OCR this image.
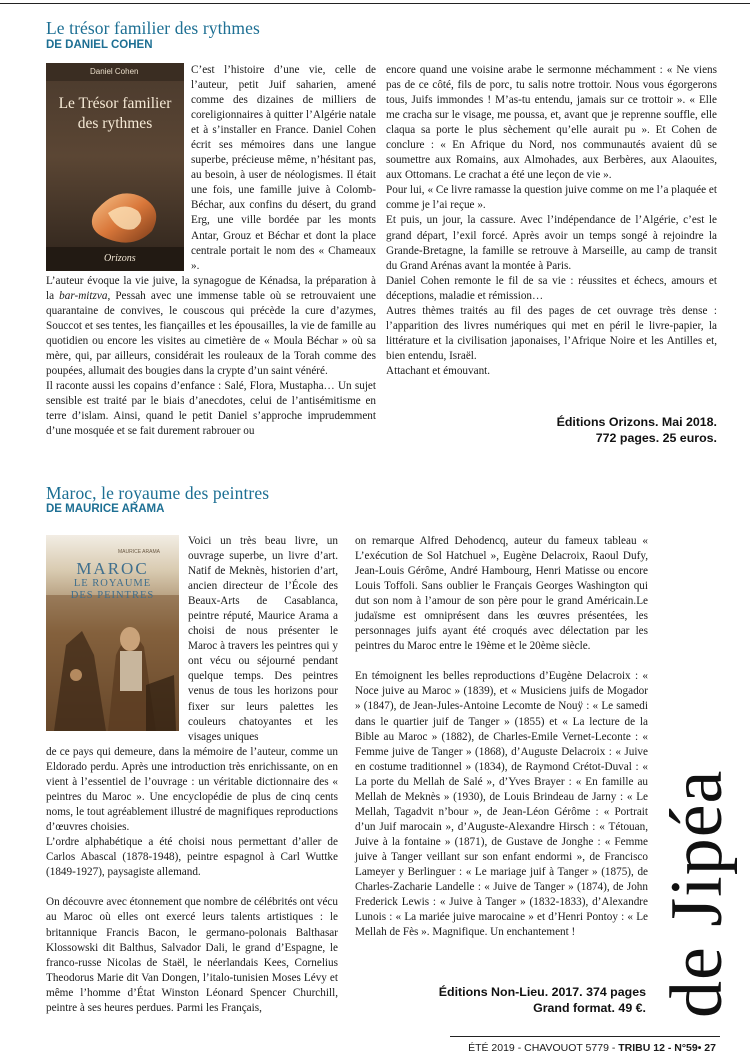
Le trésor familier des rythmes
DE DANIEL COHEN
Daniel Cohen
Le Trésor familier
des rythmes
Orizons

C’est l’histoire d’une vie, celle de l’auteur, petit Juif saharien, amené comme des dizaines de milliers de coreligionnaires à quitter l’Algérie natale et à s’installer en France. Daniel Cohen écrit ses mémoires dans une langue superbe, précieuse même, n’hésitant pas, au besoin, à user de néologismes. Il était une fois, une famille juive à Colomb-Béchar, aux confins du désert, du grand Erg, une ville bordée par les monts Antar, Grouz et Béchar et dont la place centrale portait le nom des « Chameaux ».

L’auteur évoque la vie juive, la synagogue de Kénadsa, la préparation à la bar-mitzva, Pessah avec une immense table où se retrouvaient une quarantaine de convives, le couscous qui précède la cure d’azymes, Souccot et ses tentes, les fiançailles et les épousailles, la vie de famille au quotidien ou encore les visites au cimetière de « Moula Béchar » où sa mère, qui, par ailleurs, considérait les rouleaux de la Torah comme des poupées, allumait des bougies dans la crypte d’un saint vénéré.

Il raconte aussi les copains d’enfance : Salé, Flora, Mustapha… Un sujet sensible est traité par le biais d’anecdotes, celui de l’antisémitisme en terre d’islam. Ainsi, quand le petit Daniel s’approche imprudemment d’une mosquée et se fait durement rabrouer ou

encore quand une voisine arabe le sermonne méchamment : « Ne viens pas de ce côté, fils de porc, tu salis notre trottoir. Nous vous égorgerons tous, Juifs immondes ! M’as-tu entendu, jamais sur ce trottoir ». « Elle me cracha sur le visage, me poussa, et, avant que je reprenne souffle, elle claqua sa porte le plus sèchement qu’elle aurait pu ». Et Cohen de conclure : « En Afrique du Nord, nos communautés avaient dû se soumettre aux Romains, aux Almohades, aux Berbères, aux Alaouites, aux Ottomans. Le crachat a été une leçon de vie ».

Pour lui, « Ce livre ramasse la question juive comme on me l’a plaquée et comme je l’ai reçue ».

Et puis, un jour, la cassure. Avec l’indépendance de l’Algérie, c’est le grand départ, l’exil forcé. Après avoir un temps songé à rejoindre la Grande-Bretagne, la famille se retrouve à Marseille, au camp de transit du Grand Arénas avant la montée à Paris.

Daniel Cohen remonte le fil de sa vie : réussites et échecs, amours et déceptions, maladie et rémission…

Autres thèmes traités au fil des pages de cet ouvrage très dense : l’apparition des livres numériques qui met en péril le livre-papier, la littérature et la civilisation japonaises, l’Afrique Noire et les Antilles et, bien entendu, Israël.

Attachant et émouvant.

Éditions Orizons. Mai 2018.
772 pages. 25 euros.
Maroc, le royaume des peintres
DE MAURICE ARAMA
MAURICE ARAMA
MAROC
LE ROYAUME
DES PEINTRES

Voici un très beau livre, un ouvrage superbe, un livre d’art. Natif de Meknès, historien d’art, ancien directeur de l’École des Beaux-Arts de Casablanca, peintre réputé, Maurice Arama a choisi de nous présenter le Maroc à travers les peintres qui y ont vécu ou séjourné pendant quelque temps. Des peintres venus de tous les horizons pour fixer sur leurs palettes les couleurs chatoyantes et les visages uniques

de ce pays qui demeure, dans la mémoire de l’auteur, comme un Eldorado perdu. Après une introduction très enrichissante, on en vient à l’essentiel de l’ouvrage : un véritable dictionnaire des « peintres du Maroc ». Une encyclopédie de plus de cinq cents noms, le tout agréablement illustré de magnifiques reproductions d’œuvres choisies.

L’ordre alphabétique a été choisi nous permettant d’aller de Carlos Abascal (1878-1948), peintre espagnol à Carl Wuttke (1849-1927), paysagiste allemand.

On découvre avec étonnement que nombre de célébrités ont vécu au Maroc où elles ont exercé leurs talents artistiques : le britannique Francis Bacon, le germano-polonais Balthasar Klossowski dit Balthus, Salvador Dali, le grand d’Espagne, le franco-russe Nicolas de Staël, le néerlandais Kees, Cornelius Theodorus Marie dit Van Dongen, l’italo-tunisien Moses Lévy et même l’homme d’État Winston Léonard Spencer Churchill, peintre à ses heures perdues. Parmi les Français,

on remarque Alfred Dehodencq, auteur du fameux tableau « L’exécution de Sol Hatchuel », Eugène Delacroix, Raoul Dufy, Jean-Louis Gérôme, André Hambourg, Henri Matisse ou encore Louis Toffoli. Sans oublier le Français Georges Washington qui dut son nom à l’amour de son père pour le grand Américain.Le judaïsme est omniprésent dans les œuvres présentées, les personnages juifs ayant été croqués avec délectation par les peintres du Maroc entre le 19ème et le 20ème siècle.

En témoignent les belles reproductions d’Eugène Delacroix : « Noce juive au Maroc » (1839), et « Musiciens juifs de Mogador » (1847), de Jean-Jules-Antoine Lecomte de Nouÿ : « Le samedi dans le quartier juif de Tanger » (1855) et « La lecture de la Bible au Maroc » (1882), de Charles-Emile Vernet-Leconte : « Femme juive de Tanger » (1868), d’Auguste Delacroix : « Juive en costume traditionnel » (1834), de Raymond Crétot-Duval : « La porte du Mellah de Salé », d’Yves Brayer : « En famille au Mellah de Meknès » (1930), de Louis Brindeau de Jarny : « Le Mellah, Tagadvit n’bour », de Jean-Léon Gérôme : « Portrait d’un Juif marocain », d’Auguste-Alexandre Hirsch : « Tétouan, Juive à la fontaine » (1871), de Gustave de Jonghe : « Femme juive à Tanger veillant sur son enfant endormi », de Francisco Lameyer y Berlinguer : « Le mariage juif à Tanger » (1875), de Charles-Zacharie Landelle : « Juive de Tanger » (1874), de John Frederick Lewis : « Juive à Tanger » (1832-1833), d’Alexandre Lunois : « La mariée juive marocaine » et d’Henri Pontoy : « Le Mellah de Fès ». Magnifique. Un enchantement !

Éditions Non-Lieu. 2017. 374 pages
Grand format. 49 €. de Jipéa
ÉTÉ 2019 - CHAVOUOT 5779 - TRIBU 12 - N°59• 27
